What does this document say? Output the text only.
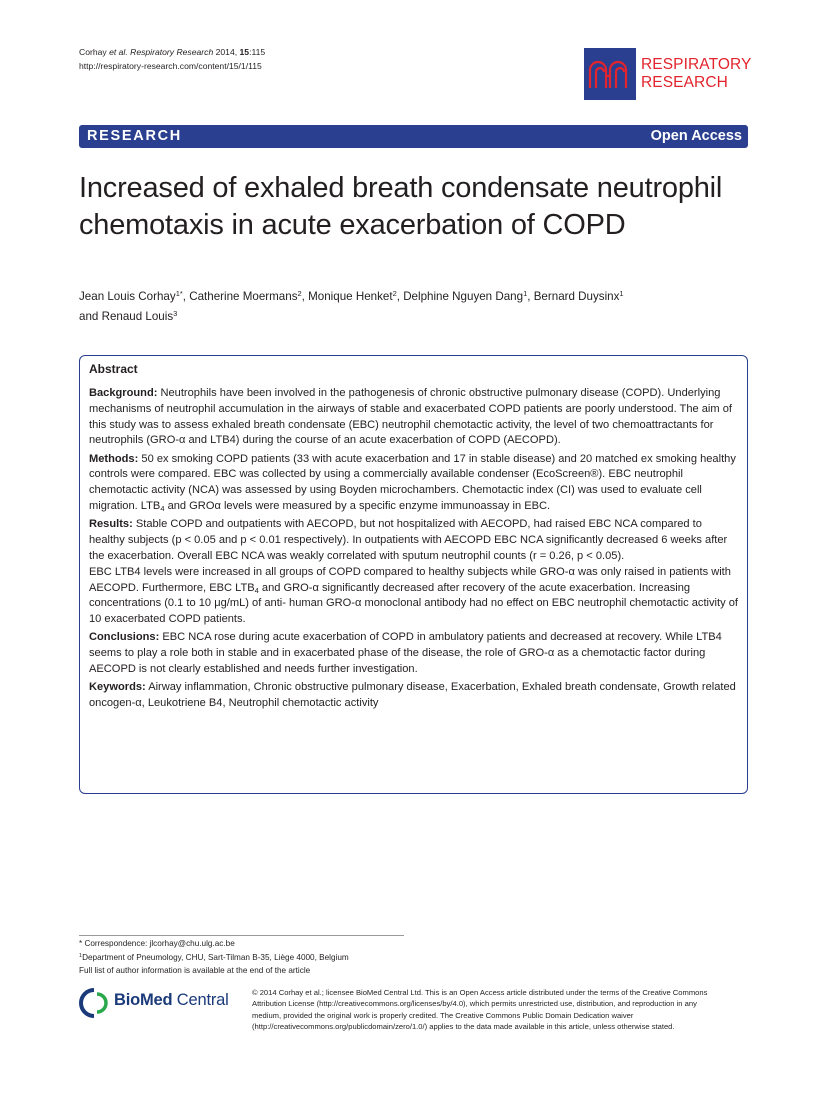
Corhay et al. Respiratory Research 2014, 15:115
http://respiratory-research.com/content/15/1/115	RESPIRATORY
RESEARCH
RESEARCH	Open Access
Increased of exhaled breath condensate neutrophil chemotaxis in acute exacerbation of COPD
Jean Louis Corhay$^{1*}$, Catherine Moermans$^2$, Monique Henket$^2$, Delphine Nguyen Dang$^1$, Bernard Duysinx$^1$
and Renaud Louis$^3$
Abstract

Background: Neutrophils have been involved in the pathogenesis of chronic obstructive pulmonary disease (COPD). Underlying mechanisms of neutrophil accumulation in the airways of stable and exacerbated COPD patients are poorly understood. The aim of this study was to assess exhaled breath condensate (EBC) neutrophil chemotactic activity, the level of two chemoattractants for neutrophils (GRO-α and LTB4) during the course of an acute exacerbation of COPD (AECOPD).

Methods: 50 ex smoking COPD patients (33 with acute exacerbation and 17 in stable disease) and 20 matched ex smoking healthy controls were compared. EBC was collected by using a commercially available condenser (EcoScreen®). EBC neutrophil chemotactic activity (NCA) was assessed by using Boyden microchambers. Chemotactic index (CI) was used to evaluate cell migration. $LTB_4$ and GROα levels were measured by a specific enzyme immunoassay in EBC.

Results: Stable COPD and outpatients with AECOPD, but not hospitalized with AECOPD, had raised EBC NCA compared to healthy subjects (p < 0.05 and p < 0.01 respectively). In outpatients with AECOPD EBC NCA significantly decreased 6 weeks after the exacerbation. Overall EBC NCA was weakly correlated with sputum neutrophil counts (r = 0.26, p < 0.05).

EBC LTB4 levels were increased in all groups of COPD compared to healthy subjects while GRO-α was only raised in patients with AECOPD. Furthermore, EBC $LTB_4$ and GRO-α significantly decreased after recovery of the acute exacerbation. Increasing concentrations (0.1 to 10 μg/mL) of anti- human GRO-α monoclonal antibody had no effect on EBC neutrophil chemotactic activity of 10 exacerbated COPD patients.

Conclusions: EBC NCA rose during acute exacerbation of COPD in ambulatory patients and decreased at recovery. While LTB4 seems to play a role both in stable and in exacerbated phase of the disease, the role of GRO-α as a chemotactic factor during AECOPD is not clearly established and needs further investigation.

Keywords: Airway inflammation, Chronic obstructive pulmonary disease, Exacerbation, Exhaled breath condensate, Growth related oncogen-α, Leukotriene B4, Neutrophil chemotactic activity

* Correspondence: jlcorhay@chu.ulg.ac.be
$^1$Department of Pneumology, CHU, Sart-Tilman B-35, Liège 4000, Belgium
Full list of author information is available at the end of the article
BioMed Central	© 2014 Corhay et al.; licensee BioMed Central Ltd. This is an Open Access article distributed under the terms of the Creative Commons Attribution License (http://creativecommons.org/licenses/by/4.0), which permits unrestricted use, distribution, and reproduction in any medium, provided the original work is properly credited. The Creative Commons Public Domain Dedication waiver (http://creativecommons.org/publicdomain/zero/1.0/) applies to the data made available in this article, unless otherwise stated.
